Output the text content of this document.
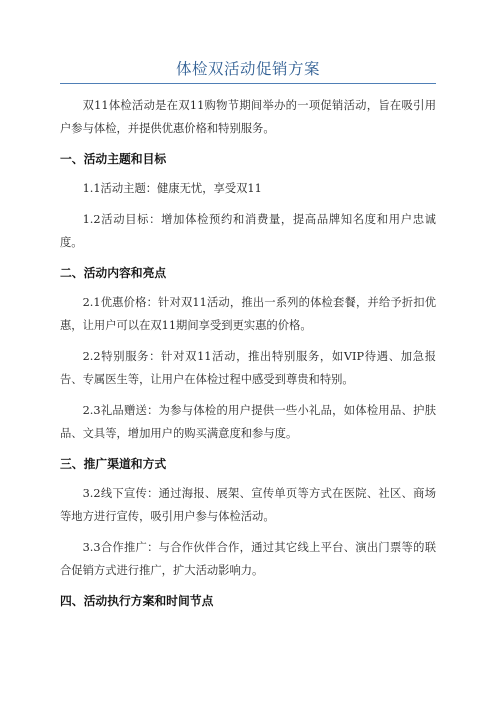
体检双活动促销方案

双11体检活动是在双11购物节期间举办的一项促销活动，旨在吸引用户参与体检，并提供优惠价格和特别服务。

一、活动主题和目标

1.1活动主题：健康无忧，享受双11

1.2活动目标：增加体检预约和消费量，提高品牌知名度和用户忠诚度。

二、活动内容和亮点

2.1优惠价格：针对双11活动，推出一系列的体检套餐，并给予折扣优惠，让用户可以在双11期间享受到更实惠的价格。

2.2特别服务：针对双11活动，推出特别服务，如VIP待遇、加急报告、专属医生等，让用户在体检过程中感受到尊贵和特别。

2.3礼品赠送：为参与体检的用户提供一些小礼品，如体检用品、护肤品、文具等，增加用户的购买满意度和参与度。

三、推广渠道和方式

3.2线下宣传：通过海报、展架、宣传单页等方式在医院、社区、商场等地方进行宣传，吸引用户参与体检活动。

3.3合作推广：与合作伙伴合作，通过其它线上平台、演出门票等的联合促销方式进行推广，扩大活动影响力。

四、活动执行方案和时间节点
